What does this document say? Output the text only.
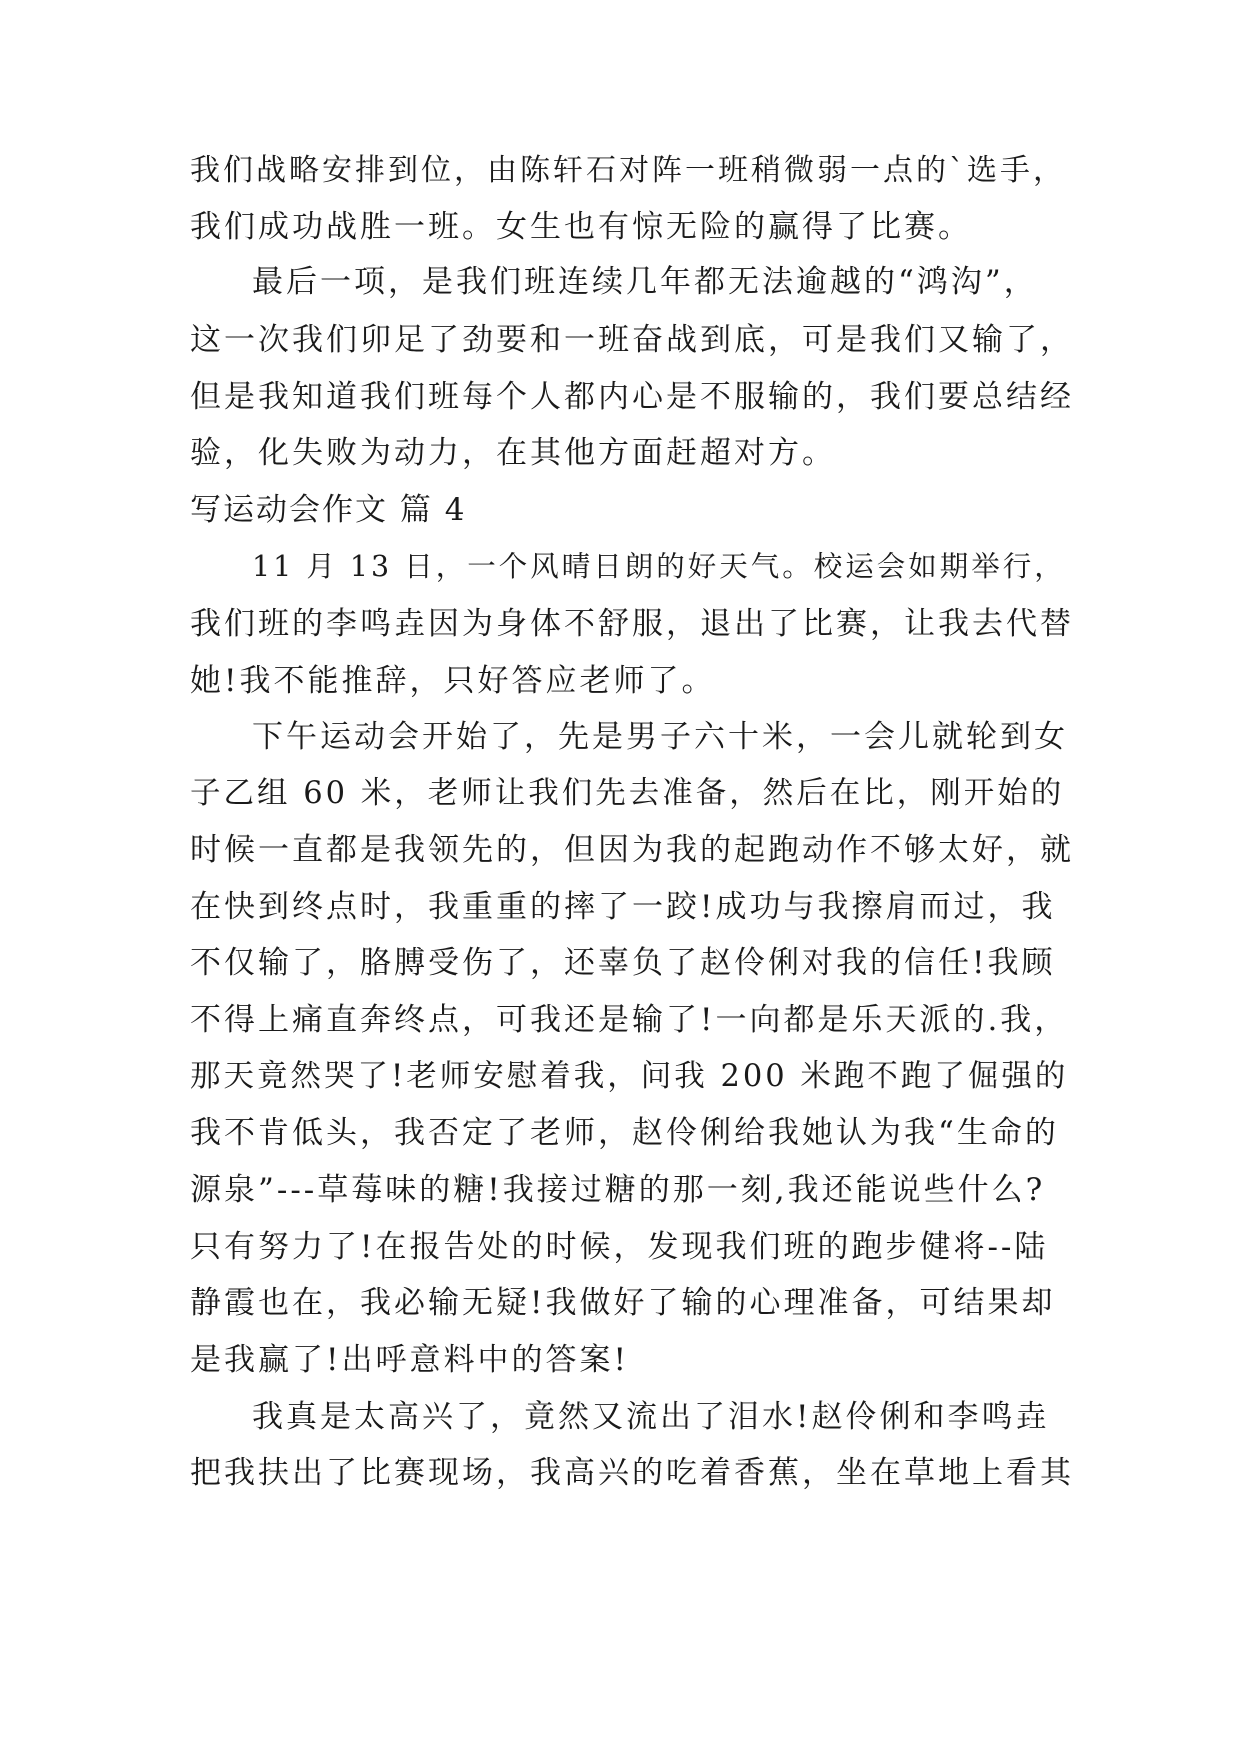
我们战略安排到位，由陈轩石对阵一班稍微弱一点的`选手，
我们成功战胜一班。女生也有惊无险的赢得了比赛。
最后一项，是我们班连续几年都无法逾越的“鸿沟”，
这一次我们卯足了劲要和一班奋战到底，可是我们又输了，
但是我知道我们班每个人都内心是不服输的，我们要总结经
验，化失败为动力，在其他方面赶超对方。
写运动会作文 篇 4
11 月 13 日，一个风晴日朗的好天气。校运会如期举行，
我们班的李鸣垚因为身体不舒服，退出了比赛，让我去代替
她!我不能推辞，只好答应老师了。
下午运动会开始了，先是男子六十米，一会儿就轮到女
子乙组 60 米，老师让我们先去准备，然后在比，刚开始的
时候一直都是我领先的，但因为我的起跑动作不够太好，就
在快到终点时，我重重的摔了一跤!成功与我擦肩而过，我
不仅输了，胳膊受伤了，还辜负了赵伶俐对我的信任!我顾
不得上痛直奔终点，可我还是输了!一向都是乐天派的.我，
那天竟然哭了!老师安慰着我，问我 200 米跑不跑了倔强的
我不肯低头，我否定了老师，赵伶俐给我她认为我“生命的
源泉”---草莓味的糖!我接过糖的那一刻,我还能说些什么?
只有努力了!在报告处的时候，发现我们班的跑步健将--陆
静霞也在，我必输无疑!我做好了输的心理准备，可结果却
是我赢了!出呼意料中的答案!
我真是太高兴了，竟然又流出了泪水!赵伶俐和李鸣垚
把我扶出了比赛现场，我高兴的吃着香蕉，坐在草地上看其
